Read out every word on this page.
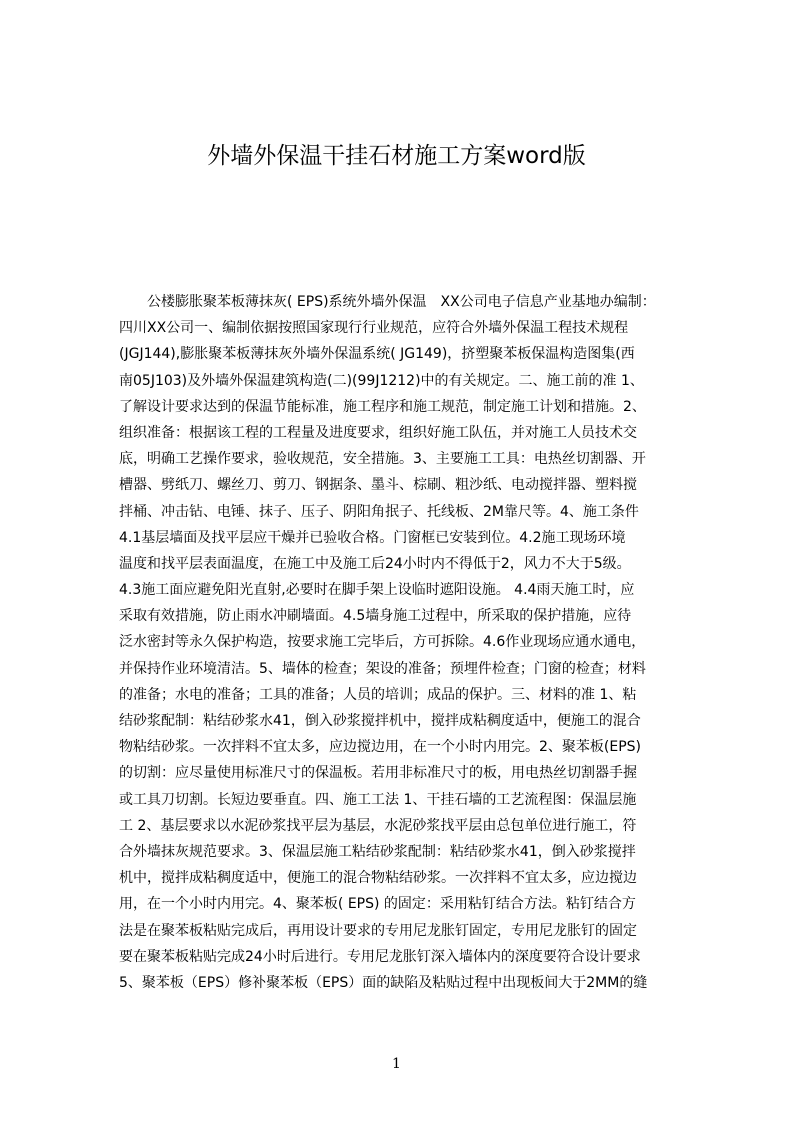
外墙外保温干挂石材施工方案word版
　　公楼膨胀聚苯板薄抹灰( EPS)系统外墙外保温　XX公司电子信息产业基地办编制：
四川XX公司一、编制依据按照国家现行行业规范，应符合外墙外保温工程技术规程
(JGJ144),膨胀聚苯板薄抹灰外墙外保温系统( JG149)，挤塑聚苯板保温构造图集(西
南05J103)及外墙外保温建筑构造(二)(99J1212)中的有关规定。二、施工前的准 1、
了解设计要求达到的保温节能标准，施工程序和施工规范，制定施工计划和措施。2、
组织准备：根据该工程的工程量及进度要求，组织好施工队伍，并对施工人员技术交
底，明确工艺操作要求，验收规范，安全措施。3、主要施工工具：电热丝切割器、开
槽器、劈纸刀、螺丝刀、剪刀、钢据条、墨斗、棕刷、粗沙纸、电动搅拌器、塑料搅
拌桶、冲击钻、电锤、抹子、压子、阴阳角抿子、托线板、2M靠尺等。4、施工条件
4.1基层墙面及找平层应干燥并已验收合格。门窗框已安装到位。4.2施工现场环境
温度和找平层表面温度，在施工中及施工后24小时内不得低于2，风力不大于5级。
4.3施工面应避免阳光直射,必要时在脚手架上设临时遮阳设施。 4.4雨天施工时，应
采取有效措施，防止雨水冲刷墙面。4.5墙身施工过程中，所采取的保护措施，应待
泛水密封等永久保护构造，按要求施工完毕后，方可拆除。4.6作业现场应通水通电，
并保持作业环境清洁。5、墙体的检查；架设的准备；预埋件检查；门窗的检查；材料
的准备；水电的准备；工具的准备；人员的培训；成品的保护。三、材料的准 1、粘
结砂浆配制：粘结砂浆水41，倒入砂浆搅拌机中，搅拌成粘稠度适中，便施工的混合
物粘结砂浆。一次拌料不宜太多，应边搅边用，在一个小时内用完。2、聚苯板(EPS)
的切割：应尽量使用标准尺寸的保温板。若用非标准尺寸的板，用电热丝切割器手握
或工具刀切割。长短边要垂直。四、施工工法 1、干挂石墙的工艺流程图：保温层施
工 2、基层要求以水泥砂浆找平层为基层，水泥砂浆找平层由总包单位进行施工，符
合外墙抹灰规范要求。3、保温层施工粘结砂浆配制：粘结砂浆水41，倒入砂浆搅拌
机中，搅拌成粘稠度适中，便施工的混合物粘结砂浆。一次拌料不宜太多，应边搅边
用，在一个小时内用完。4、聚苯板( EPS) 的固定：采用粘钉结合方法。粘钉结合方
法是在聚苯板粘贴完成后，再用设计要求的专用尼龙胀钉固定，专用尼龙胀钉的固定
要在聚苯板粘贴完成24小时后进行。专用尼龙胀钉深入墙体内的深度要符合设计要求
5、聚苯板（EPS）修补聚苯板（EPS）面的缺陷及粘贴过程中出现板间大于2MM的缝
1
